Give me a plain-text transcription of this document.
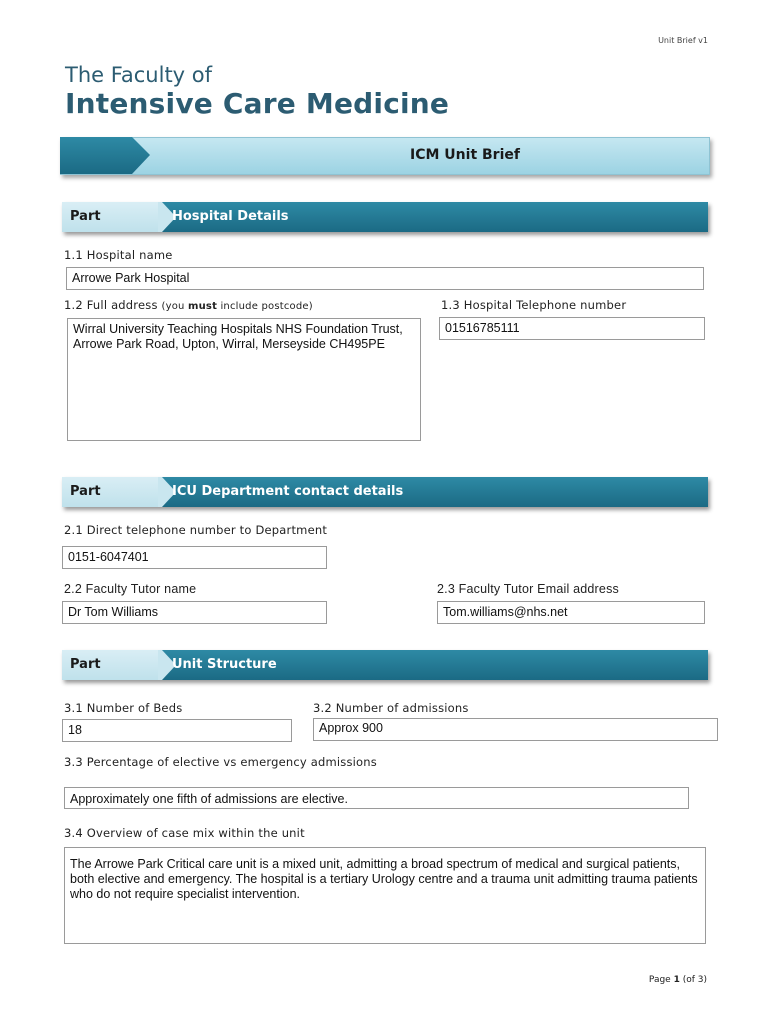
Unit Brief v1
The Faculty of
Intensive Care Medicine
ICM Unit Brief
Part	Hospital Details
1.1 Hospital name
Arrowe Park Hospital
1.2 Full address (you must include postcode)
Wirral University Teaching Hospitals NHS Foundation Trust, Arrowe Park Road, Upton, Wirral, Merseyside CH495PE
1.3 Hospital Telephone number
01516785111
Part	ICU Department contact details
2.1 Direct telephone number to Department
0151-6047401
2.2 Faculty Tutor name
Dr Tom Williams
2.3 Faculty Tutor Email address
Tom.williams@nhs.net
Part	Unit Structure
3.1 Number of Beds
18
3.2 Number of admissions
Approx 900
3.3 Percentage of elective vs emergency admissions
Approximately one fifth of admissions are elective.
3.4 Overview of case mix within the unit
The Arrowe Park Critical care unit is a mixed unit, admitting a broad spectrum of medical and surgical patients, both elective and emergency. The hospital is a tertiary Urology centre and a trauma unit admitting trauma patients who do not require specialist intervention.
Page 1 (of 3)
